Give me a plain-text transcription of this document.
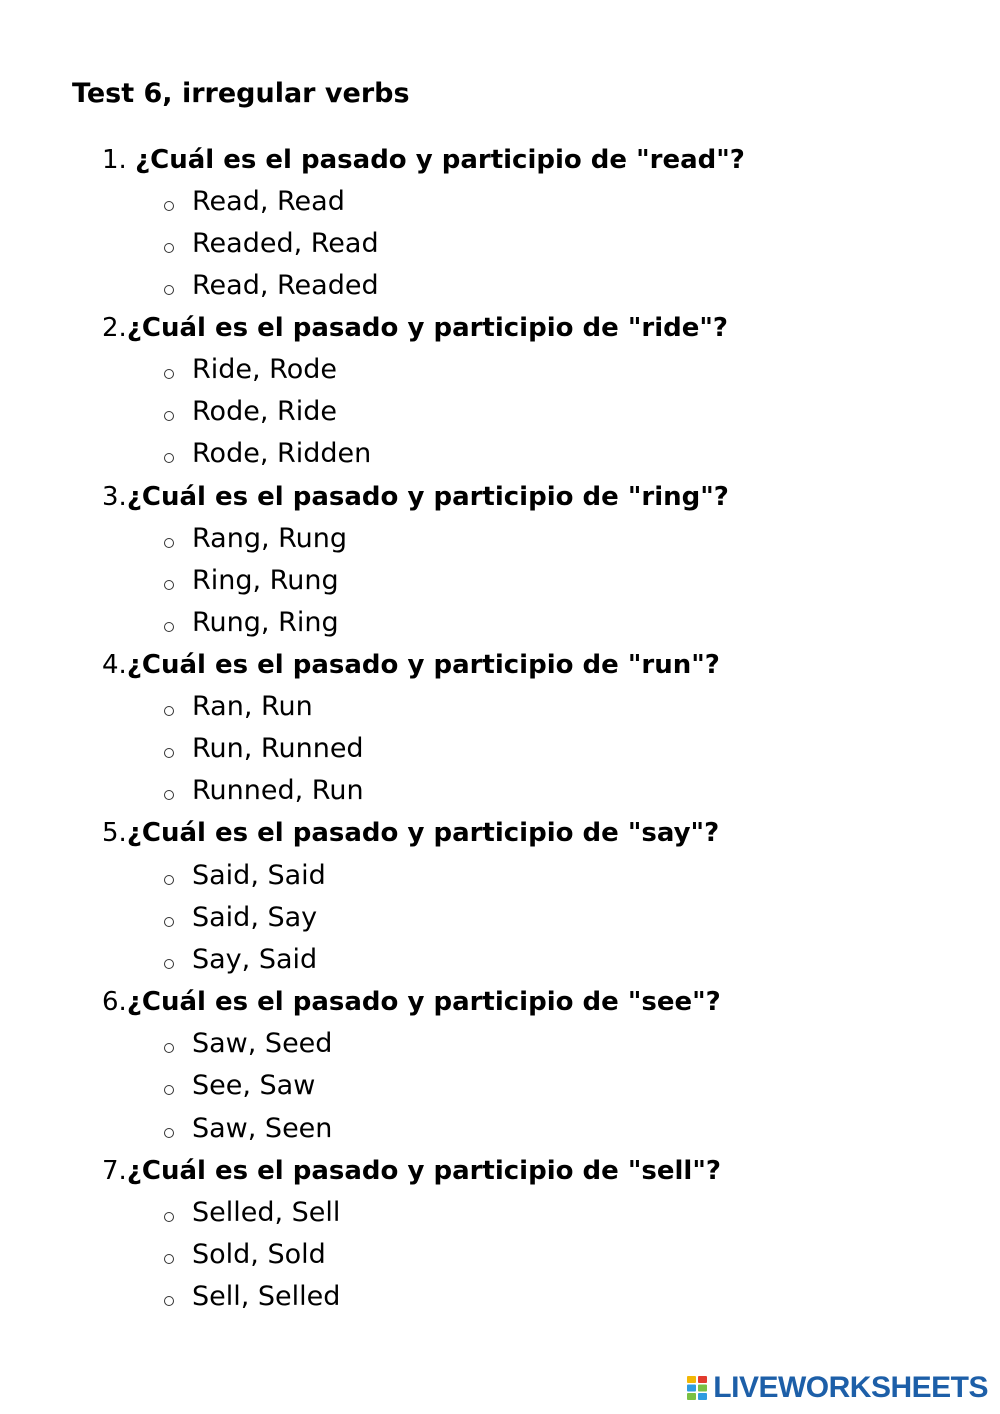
Test 6, irregular verbs
1. ¿Cuál es el pasado y participio de "read"?
Read, Read
Readed, Read
Read, Readed
2.¿Cuál es el pasado y participio de "ride"?
Ride, Rode
Rode, Ride
Rode, Ridden
3.¿Cuál es el pasado y participio de "ring"?
Rang, Rung
Ring, Rung
Rung, Ring
4.¿Cuál es el pasado y participio de "run"?
Ran, Run
Run, Runned
Runned, Run
5.¿Cuál es el pasado y participio de "say"?
Said, Said
Said, Say
Say, Said
6.¿Cuál es el pasado y participio de "see"?
Saw, Seed
See, Saw
Saw, Seen
7.¿Cuál es el pasado y participio de "sell"?
Selled, Sell
Sold, Sold
Sell, Selled
LIVEWORKSHEETS
